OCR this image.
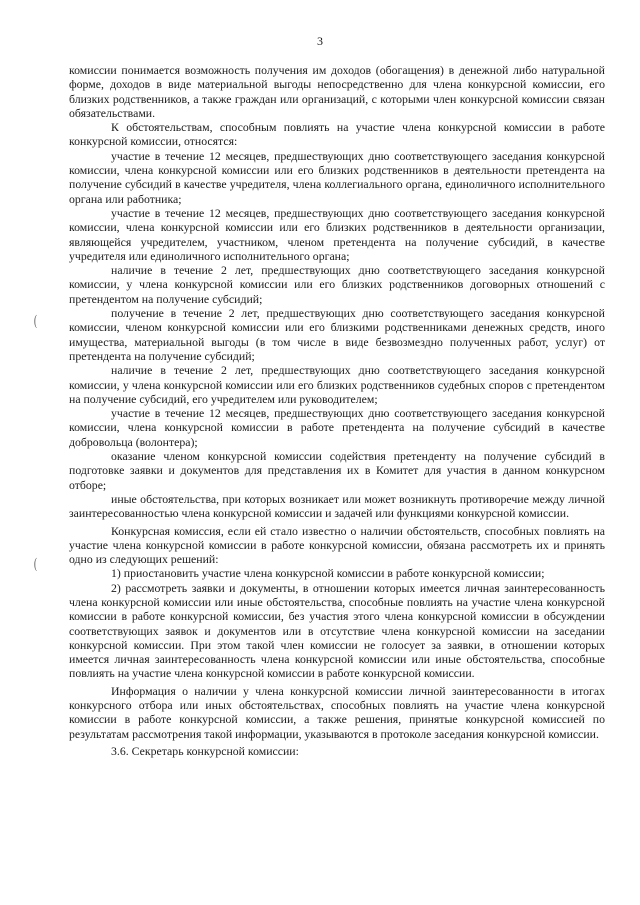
3
(
(

комиссии понимается возможность получения им доходов (обогащения) в денежной либо натуральной форме, доходов в виде материальной выгоды непосредственно для члена конкурсной комиссии, его близких родственников, а также граждан или организаций, с которыми член конкурсной комиссии связан обязательствами.

К обстоятельствам, способным повлиять на участие члена конкурсной комиссии в работе конкурсной комиссии, относятся:

участие в течение 12 месяцев, предшествующих дню соответствующего заседания конкурсной комиссии, члена конкурсной комиссии или его близких родственников в деятельности претендента на получение субсидий в качестве учредителя, члена коллегиального органа, единоличного исполнительного органа или работника;

участие в течение 12 месяцев, предшествующих дню соответствующего заседания конкурсной комиссии, члена конкурсной комиссии или его близких родственников в деятельности организации, являющейся учредителем, участником, членом претендента на получение субсидий, в качестве учредителя или единоличного исполнительного органа;

наличие в течение 2 лет, предшествующих дню соответствующего заседания конкурсной комиссии, у члена конкурсной комиссии или его близких родственников договорных отношений с претендентом на получение субсидий;

получение в течение 2 лет, предшествующих дню соответствующего заседания конкурсной комиссии, членом конкурсной комиссии или его близкими родственниками денежных средств, иного имущества, материальной выгоды (в том числе в виде безвозмездно полученных работ, услуг) от претендента на получение субсидий;

наличие в течение 2 лет, предшествующих дню соответствующего заседания конкурсной комиссии, у члена конкурсной комиссии или его близких родственников судебных споров с претендентом на получение субсидий, его учредителем или руководителем;

участие в течение 12 месяцев, предшествующих дню соответствующего заседания конкурсной комиссии, члена конкурсной комиссии в работе претендента на получение субсидий в качестве добровольца (волонтера);

оказание членом конкурсной комиссии содействия претенденту на получение субсидий в подготовке заявки и документов для представления их в Комитет для участия в данном конкурсном отборе;

иные обстоятельства, при которых возникает или может возникнуть противоречие между личной заинтересованностью члена конкурсной комиссии и задачей или функциями конкурсной комиссии.

Конкурсная комиссия, если ей стало известно о наличии обстоятельств, способных повлиять на участие члена конкурсной комиссии в работе конкурсной комиссии, обязана рассмотреть их и принять одно из следующих решений:

1) приостановить участие члена конкурсной комиссии в работе конкурсной комиссии;

2) рассмотреть заявки и документы, в отношении которых имеется личная заинтересованность члена конкурсной комиссии или иные обстоятельства, способные повлиять на участие члена конкурсной комиссии в работе конкурсной комиссии, без участия этого члена конкурсной комиссии в обсуждении соответствующих заявок и документов или в отсутствие члена конкурсной комиссии на заседании конкурсной комиссии. При этом такой член комиссии не голосует за заявки, в отношении которых имеется личная заинтересованность члена конкурсной комиссии или иные обстоятельства, способные повлиять на участие члена конкурсной комиссии в работе конкурсной комиссии.

Информация о наличии у члена конкурсной комиссии личной заинтересованности в итогах конкурсного отбора или иных обстоятельствах, способных повлиять на участие члена конкурсной комиссии в работе конкурсной комиссии, а также решения, принятые конкурсной комиссией по результатам рассмотрения такой информации, указываются в протоколе заседания конкурсной комиссии.

3.6. Секретарь конкурсной комиссии:
